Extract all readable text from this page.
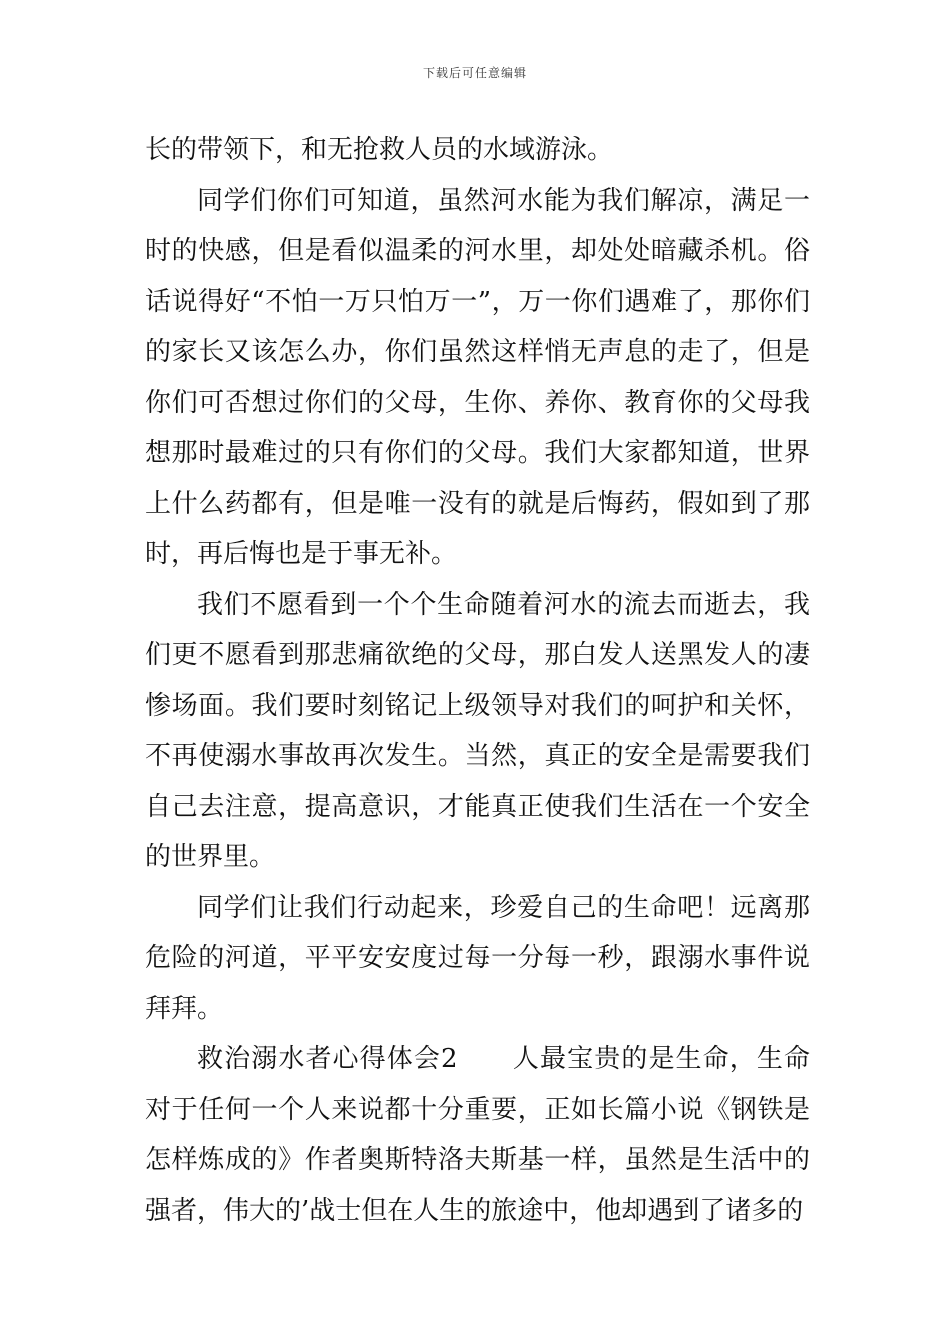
下载后可任意编辑

长的带领下，和无抢救人员的水域游泳。

同学们你们可知道，虽然河水能为我们解凉，满足一时的快感，但是看似温柔的河水里，却处处暗藏杀机。俗话说得好“不怕一万只怕万一”，万一你们遇难了，那你们的家长又该怎么办，你们虽然这样悄无声息的走了，但是你们可否想过你们的父母，生你、养你、教育你的父母我想那时最难过的只有你们的父母。我们大家都知道，世界上什么药都有，但是唯一没有的就是后悔药，假如到了那时，再后悔也是于事无补。

我们不愿看到一个个生命随着河水的流去而逝去，我们更不愿看到那悲痛欲绝的父母，那白发人送黑发人的凄惨场面。我们要时刻铭记上级领导对我们的呵护和关怀，不再使溺水事故再次发生。当然，真正的安全是需要我们自己去注意，提高意识，才能真正使我们生活在一个安全的世界里。

同学们让我们行动起来，珍爱自己的生命吧！远离那危险的河道，平平安安度过每一分每一秒，跟溺水事件说拜拜。

救治溺水者心得体会2　　人最宝贵的是生命，生命对于任何一个人来说都十分重要，正如长篇小说《钢铁是怎样炼成的》作者奥斯特洛夫斯基一样，虽然是生活中的强者，伟大的’战士但在人生的旅途中，他却遇到了诸多的
